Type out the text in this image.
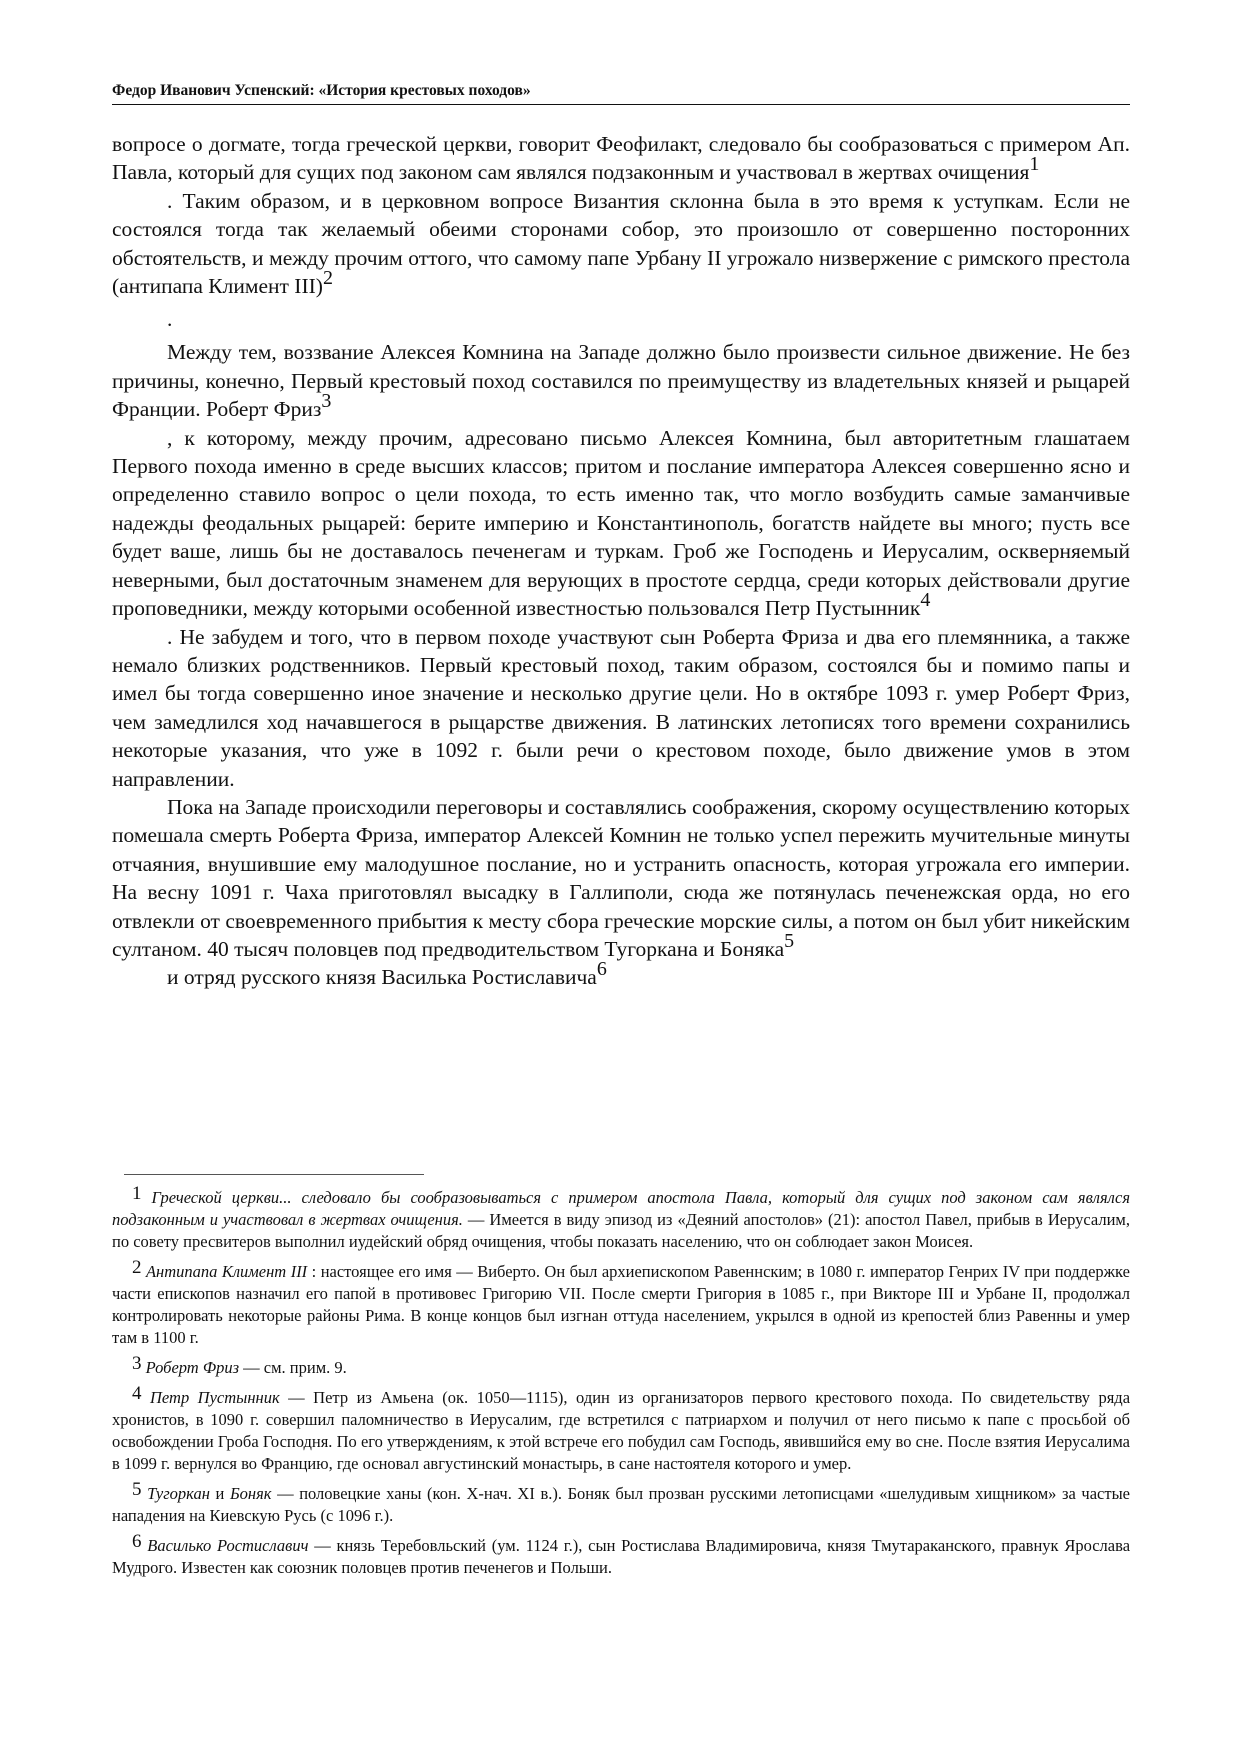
Федор Иванович Успенский: «История крестовых походов»

вопросе о догмате, тогда греческой церкви, говорит Феофилакт, следовало бы сообразоваться с примером Ап. Павла, который для сущих под законом сам являлся подзаконным и участвовал в жертвах очищения$^1$

. Таким образом, и в церковном вопросе Византия склонна была в это время к уступкам. Если не состоялся тогда так желаемый обеими сторонами собор, это произошло от совершенно посторонних обстоятельств, и между прочим оттого, что самому папе Урбану II угрожало низвержение с римского престола (антипапа Климент III)$^2$

.

Между тем, воззвание Алексея Комнина на Западе должно было произвести сильное движение. Не без причины, конечно, Первый крестовый поход составился по преимуществу из владетельных князей и рыцарей Франции. Роберт Фриз$^3$

, к которому, между прочим, адресовано письмо Алексея Комнина, был авторитетным глашатаем Первого похода именно в среде высших классов; притом и послание императора Алексея совершенно ясно и определенно ставило вопрос о цели похода, то есть именно так, что могло возбудить самые заманчивые надежды феодальных рыцарей: берите империю и Константинополь, богатств найдете вы много; пусть все будет ваше, лишь бы не доставалось печенегам и туркам. Гроб же Господень и Иерусалим, оскверняемый неверными, был достаточным знаменем для верующих в простоте сердца, среди которых действовали другие проповедники, между которыми особенной известностью пользовался Петр Пустынник$^4$

. Не забудем и того, что в первом походе участвуют сын Роберта Фриза и два его племянника, а также немало близких родственников. Первый крестовый поход, таким образом, состоялся бы и помимо папы и имел бы тогда совершенно иное значение и несколько другие цели. Но в октябре 1093 г. умер Роберт Фриз, чем замедлился ход начавшегося в рыцарстве движения. В латинских летописях того времени сохранились некоторые указания, что уже в 1092 г. были речи о крестовом походе, было движение умов в этом направлении.

Пока на Западе происходили переговоры и составлялись соображения, скорому осуществлению которых помешала смерть Роберта Фриза, император Алексей Комнин не только успел пережить мучительные минуты отчаяния, внушившие ему малодушное послание, но и устранить опасность, которая угрожала его империи. На весну 1091 г. Чаха приготовлял высадку в Галлиполи, сюда же потянулась печенежская орда, но его отвлекли от своевременного прибытия к месту сбора греческие морские силы, а потом он был убит никейским султаном. 40 тысяч половцев под предводительством Тугоркана и Боняка$^5$

и отряд русского князя Василька Ростиславича$^6$

1 Греческой церкви... следовало бы сообразовываться с примером апостола Павла, который для сущих под законом сам являлся подзаконным и участвовал в жертвах очищения. — Имеется в виду эпизод из «Деяний апостолов» (21): апостол Павел, прибыв в Иерусалим, по совету пресвитеров выполнил иудейский обряд очищения, чтобы показать населению, что он соблюдает закон Моисея.

2 Антипапа Климент III : настоящее его имя — Виберто. Он был архиепископом Равеннским; в 1080 г. император Генрих IV при поддержке части епископов назначил его папой в противовес Григорию VII. После смерти Григория в 1085 г., при Викторе III и Урбане II, продолжал контролировать некоторые районы Рима. В конце концов был изгнан оттуда населением, укрылся в одной из крепостей близ Равенны и умер там в 1100 г.

3 Роберт Фриз — см. прим. 9.

4 Петр Пустынник — Петр из Амьена (ок. 1050—1115), один из организаторов первого крестового похода. По свидетельству ряда хронистов, в 1090 г. совершил паломничество в Иерусалим, где встретился с патриархом и получил от него письмо к папе с просьбой об освобождении Гроба Господня. По его утверждениям, к этой встрече его побудил сам Господь, явившийся ему во сне. После взятия Иерусалима в 1099 г. вернулся во Францию, где основал августинский монастырь, в сане настоятеля которого и умер.

5 Тугоркан и Боняк — половецкие ханы (кон. X-нач. XI в.). Боняк был прозван русскими летописцами «шелудивым хищником» за частые нападения на Киевскую Русь (с 1096 г.).

6 Василько Ростиславич — князь Теребовльский (ум. 1124 г.), сын Ростислава Владимировича, князя Тмутараканского, правнук Ярослава Мудрого. Известен как союзник половцев против печенегов и Польши.
